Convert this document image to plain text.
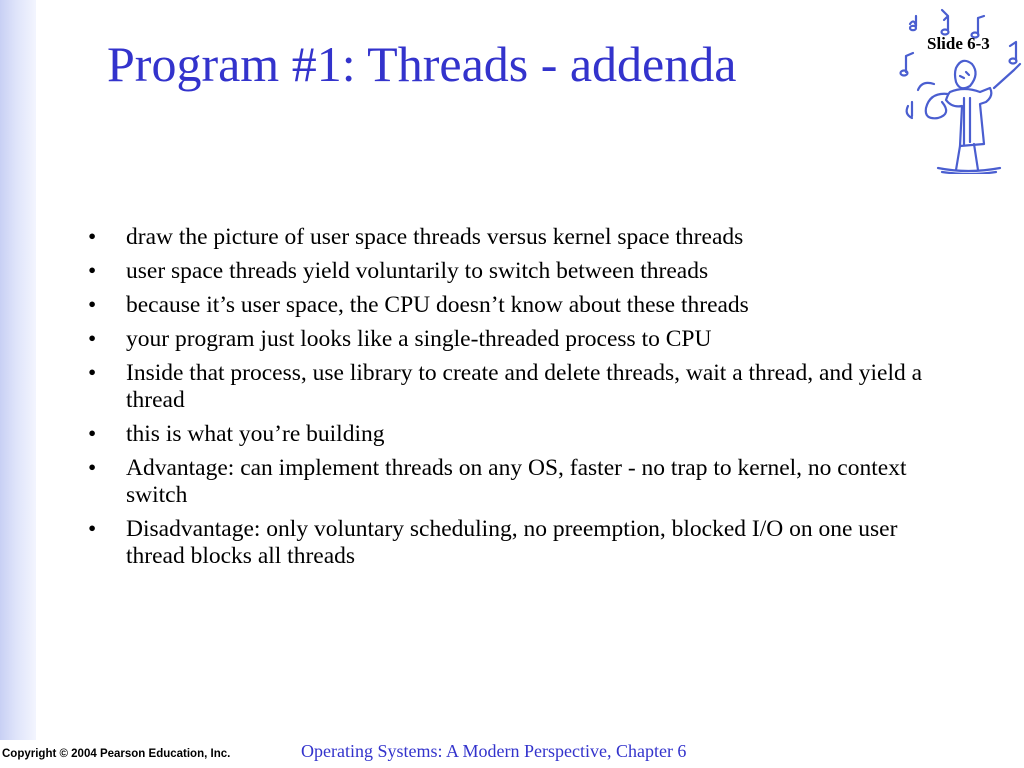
Program #1: Threads - addenda	Slide 6-3
• draw the picture of user space threads versus kernel space threads
• user space threads yield voluntarily to switch between threads
• because it’s user space, the CPU doesn’t know about these threads
• your program just looks like a single-threaded process to CPU
• Inside that process, use library to create and delete threads, wait a thread, and yield a thread
• this is what you’re building
• Advantage: can implement threads on any OS, faster - no trap to kernel, no context switch
• Disadvantage: only voluntary scheduling, no preemption, blocked I/O on one user thread blocks all threads
Copyright © 2004 Pearson Education, Inc.	Operating Systems: A Modern Perspective, Chapter 6
